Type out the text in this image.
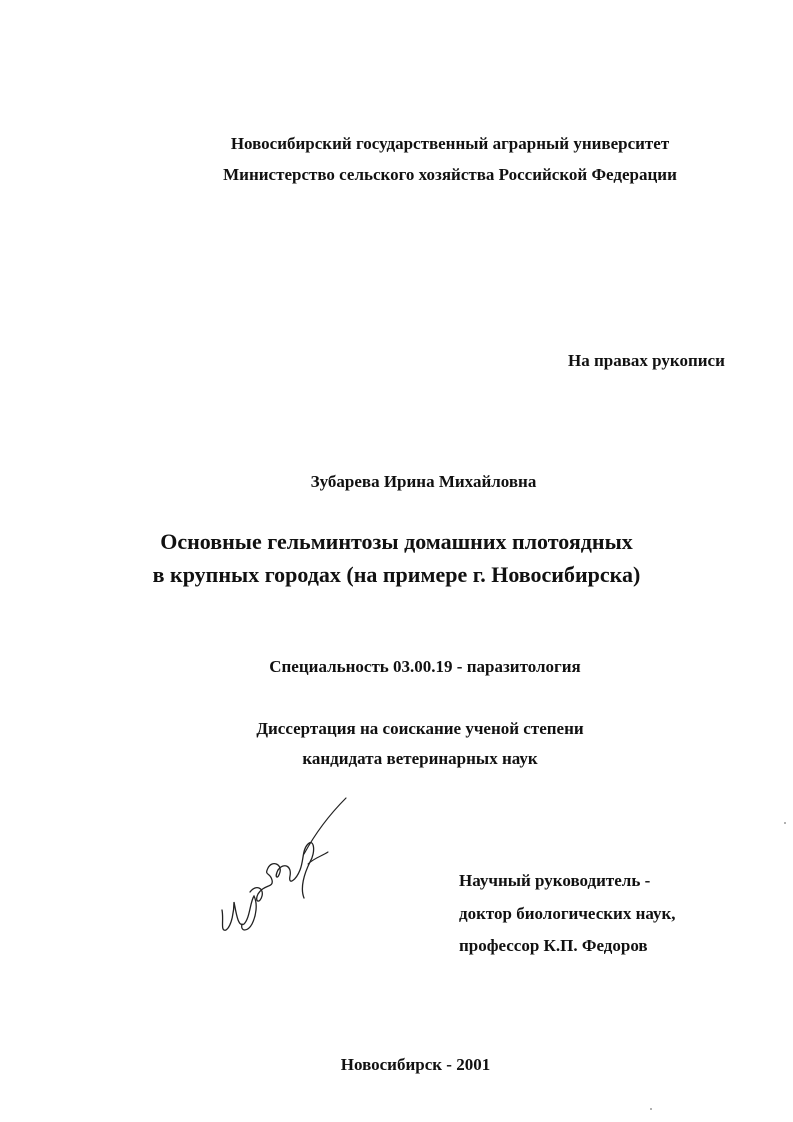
Новосибирский государственный аграрный университет
Министерство сельского хозяйства Российской Федерации
На правах рукописи
Зубарева Ирина Михайловна
Основные гельминтозы домашних плотоядных
в крупных городах (на примере г. Новосибирска)
Специальность 03.00.19 - паразитология
Диссертация на соискание ученой степени
кандидата ветеринарных наук
Научный руководитель -
доктор биологических наук,
профессор К.П. Федоров
Новосибирск - 2001
